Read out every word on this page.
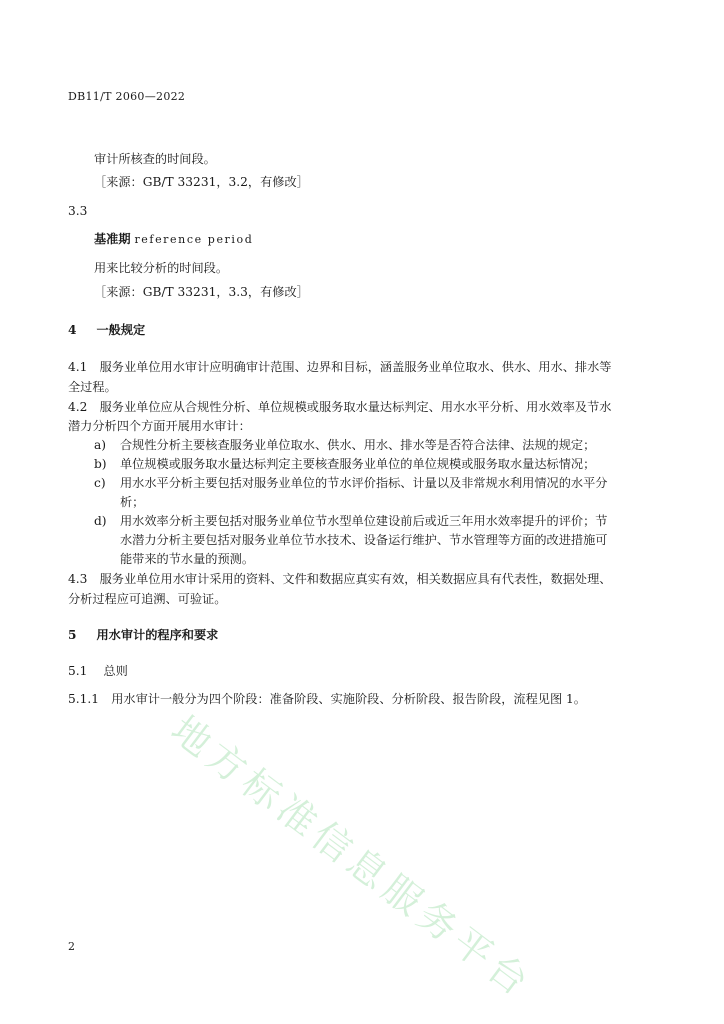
DB11/T 2060—2022
审计所核查的时间段。
［来源：GB/T 33231，3.2，有修改］
3.3
基准期 reference period
用来比较分析的时间段。
［来源：GB/T 33231，3.3，有修改］
4 一般规定
4.1　服务业单位用水审计应明确审计范围、边界和目标，涵盖服务业单位取水、供水、用水、排水等
全过程。
4.2　服务业单位应从合规性分析、单位规模或服务取水量达标判定、用水水平分析、用水效率及节水
潜力分析四个方面开展用水审计：
a) 合规性分析主要核查服务业单位取水、供水、用水、排水等是否符合法律、法规的规定；
b) 单位规模或服务取水量达标判定主要核查服务业单位的单位规模或服务取水量达标情况；
c) 用水水平分析主要包括对服务业单位的节水评价指标、计量以及非常规水利用情况的水平分
析；
d) 用水效率分析主要包括对服务业单位节水型单位建设前后或近三年用水效率提升的评价；节
水潜力分析主要包括对服务业单位节水技术、设备运行维护、节水管理等方面的改进措施可
能带来的节水量的预测。
4.3　服务业单位用水审计采用的资料、文件和数据应真实有效，相关数据应具有代表性，数据处理、
分析过程应可追溯、可验证。
5 用水审计的程序和要求
5.1 总则
5.1.1　用水审计一般分为四个阶段：准备阶段、实施阶段、分析阶段、报告阶段，流程见图 1。
地方标准信息服务平台
2
